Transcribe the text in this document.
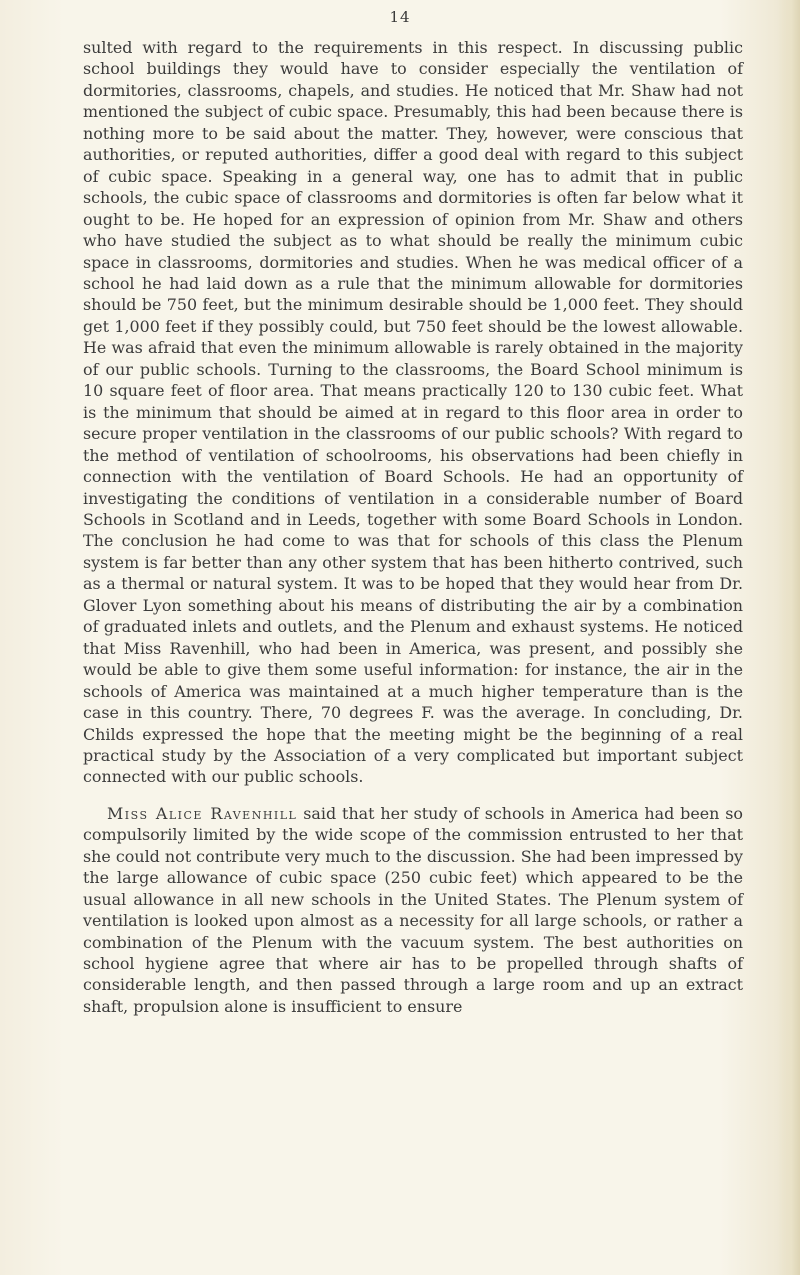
14

sulted with regard to the requirements in this respect. In discussing public school buildings they would have to consider especially the ventilation of dormitories, classrooms, chapels, and studies. He noticed that Mr. Shaw had not mentioned the subject of cubic space. Presumably, this had been because there is nothing more to be said about the matter. They, however, were conscious that authorities, or reputed authorities, differ a good deal with regard to this subject of cubic space. Speaking in a general way, one has to admit that in public schools, the cubic space of classrooms and dormitories is often far below what it ought to be. He hoped for an expression of opinion from Mr. Shaw and others who have studied the subject as to what should be really the minimum cubic space in classrooms, dormitories and studies. When he was medical officer of a school he had laid down as a rule that the minimum allowable for dormitories should be 750 feet, but the minimum desirable should be 1,000 feet. They should get 1,000 feet if they possibly could, but 750 feet should be the lowest allowable. He was afraid that even the minimum allowable is rarely obtained in the majority of our public schools. Turning to the classrooms, the Board School minimum is 10 square feet of floor area. That means practically 120 to 130 cubic feet. What is the minimum that should be aimed at in regard to this floor area in order to secure proper ventilation in the classrooms of our public schools? With regard to the method of ventilation of schoolrooms, his observations had been chiefly in connection with the ventilation of Board Schools. He had an opportunity of investigating the conditions of ventilation in a considerable number of Board Schools in Scotland and in Leeds, together with some Board Schools in London. The conclusion he had come to was that for schools of this class the Plenum system is far better than any other system that has been hitherto contrived, such as a thermal or natural system. It was to be hoped that they would hear from Dr. Glover Lyon something about his means of distributing the air by a combination of graduated inlets and outlets, and the Plenum and exhaust systems. He noticed that Miss Ravenhill, who had been in America, was present, and possibly she would be able to give them some useful information: for instance, the air in the schools of America was maintained at a much higher temperature than is the case in this country. There, 70 degrees F. was the average. In concluding, Dr. Childs expressed the hope that the meeting might be the beginning of a real practical study by the Association of a very complicated but important subject connected with our public schools.

Miss Alice Ravenhill said that her study of schools in America had been so compulsorily limited by the wide scope of the commission entrusted to her that she could not contribute very much to the discussion. She had been impressed by the large allowance of cubic space (250 cubic feet) which appeared to be the usual allowance in all new schools in the United States. The Plenum system of ventilation is looked upon almost as a necessity for all large schools, or rather a combination of the Plenum with the vacuum system. The best authorities on school hygiene agree that where air has to be propelled through shafts of considerable length, and then passed through a large room and up an extract shaft, propulsion alone is insufficient to ensure
